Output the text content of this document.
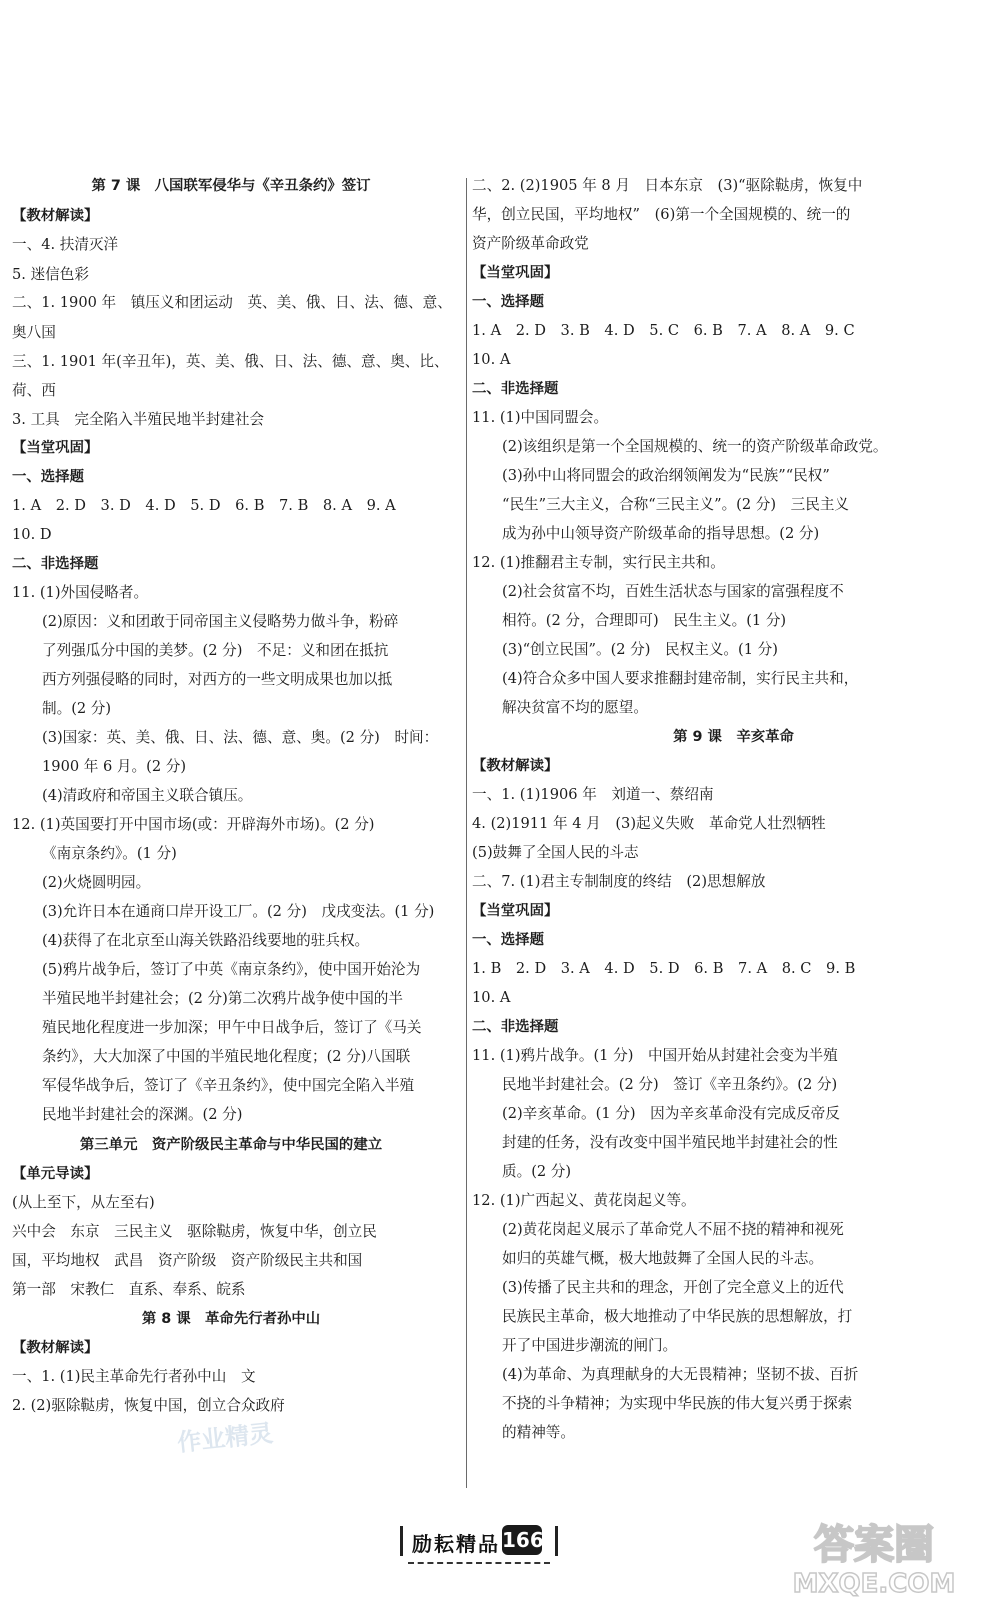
第 7 课　八国联军侵华与《辛丑条约》签订
【教材解读】
一、4. 扶清灭洋
5. 迷信色彩
二、1. 1900 年　镇压义和团运动　英、美、俄、日、法、德、意、
奥八国
三、1. 1901 年(辛丑年)，英、美、俄、日、法、德、意、奥、比、
荷、西
3. 工具　完全陷入半殖民地半封建社会
【当堂巩固】
一、选择题
1. A　2. D　3. D　4. D　5. D　6. B　7. B　8. A　9. A
10. D
二、非选择题
11. (1)外国侵略者。
(2)原因：义和团敢于同帝国主义侵略势力做斗争，粉碎
了列强瓜分中国的美梦。(2 分)　不足：义和团在抵抗
西方列强侵略的同时，对西方的一些文明成果也加以抵
制。(2 分)
(3)国家：英、美、俄、日、法、德、意、奥。(2 分)　时间：
1900 年 6 月。(2 分)
(4)清政府和帝国主义联合镇压。
12. (1)英国要打开中国市场(或：开辟海外市场)。(2 分)
《南京条约》。(1 分)
(2)火烧圆明园。
(3)允许日本在通商口岸开设工厂。(2 分)　戊戌变法。(1 分)
(4)获得了在北京至山海关铁路沿线要地的驻兵权。
(5)鸦片战争后，签订了中英《南京条约》，使中国开始沦为
半殖民地半封建社会；(2 分)第二次鸦片战争使中国的半
殖民地化程度进一步加深；甲午中日战争后，签订了《马关
条约》，大大加深了中国的半殖民地化程度；(2 分)八国联
军侵华战争后，签订了《辛丑条约》，使中国完全陷入半殖
民地半封建社会的深渊。(2 分)
第三单元　资产阶级民主革命与中华民国的建立
【单元导读】
(从上至下，从左至右)
兴中会　东京　三民主义　驱除鞑虏，恢复中华，创立民
国，平均地权　武昌　资产阶级　资产阶级民主共和国
第一部　宋教仁　直系、奉系、皖系
第 8 课　革命先行者孙中山
【教材解读】
一、1. (1)民主革命先行者孙中山　文
2. (2)驱除鞑虏，恢复中国，创立合众政府
二、2. (2)1905 年 8 月　日本东京　(3)“驱除鞑虏，恢复中
华，创立民国，平均地权”　(6)第一个全国规模的、统一的
资产阶级革命政党
【当堂巩固】
一、选择题
1. A　2. D　3. B　4. D　5. C　6. B　7. A　8. A　9. C
10. A
二、非选择题
11. (1)中国同盟会。
(2)该组织是第一个全国规模的、统一的资产阶级革命政党。
(3)孙中山将同盟会的政治纲领阐发为“民族”“民权”
“民生”三大主义，合称“三民主义”。(2 分)　三民主义
成为孙中山领导资产阶级革命的指导思想。(2 分)
12. (1)推翻君主专制，实行民主共和。
(2)社会贫富不均，百姓生活状态与国家的富强程度不
相符。(2 分，合理即可)　民生主义。(1 分)
(3)“创立民国”。(2 分)　民权主义。(1 分)
(4)符合众多中国人要求推翻封建帝制，实行民主共和，
解决贫富不均的愿望。
第 9 课　辛亥革命
【教材解读】
一、1. (1)1906 年　刘道一、蔡绍南
4. (2)1911 年 4 月　(3)起义失败　革命党人壮烈牺牲
(5)鼓舞了全国人民的斗志
二、7. (1)君主专制制度的终结　(2)思想解放
【当堂巩固】
一、选择题
1. B　2. D　3. A　4. D　5. D　6. B　7. A　8. C　9. B
10. A
二、非选择题
11. (1)鸦片战争。(1 分)　中国开始从封建社会变为半殖
民地半封建社会。(2 分)　签订《辛丑条约》。(2 分)
(2)辛亥革命。(1 分)　因为辛亥革命没有完成反帝反
封建的任务，没有改变中国半殖民地半封建社会的性
质。(2 分)
12. (1)广西起义、黄花岗起义等。
(2)黄花岗起义展示了革命党人不屈不挠的精神和视死
如归的英雄气概，极大地鼓舞了全国人民的斗志。
(3)传播了民主共和的理念，开创了完全意义上的近代
民族民主革命，极大地推动了中华民族的思想解放，打
开了中国进步潮流的闸门。
(4)为革命、为真理献身的大无畏精神；坚韧不拔、百折
不挠的斗争精神；为实现中华民族的伟大复兴勇于探索
的精神等。
作业精灵
励耘精品 166	答案圈
MXQE.COM
